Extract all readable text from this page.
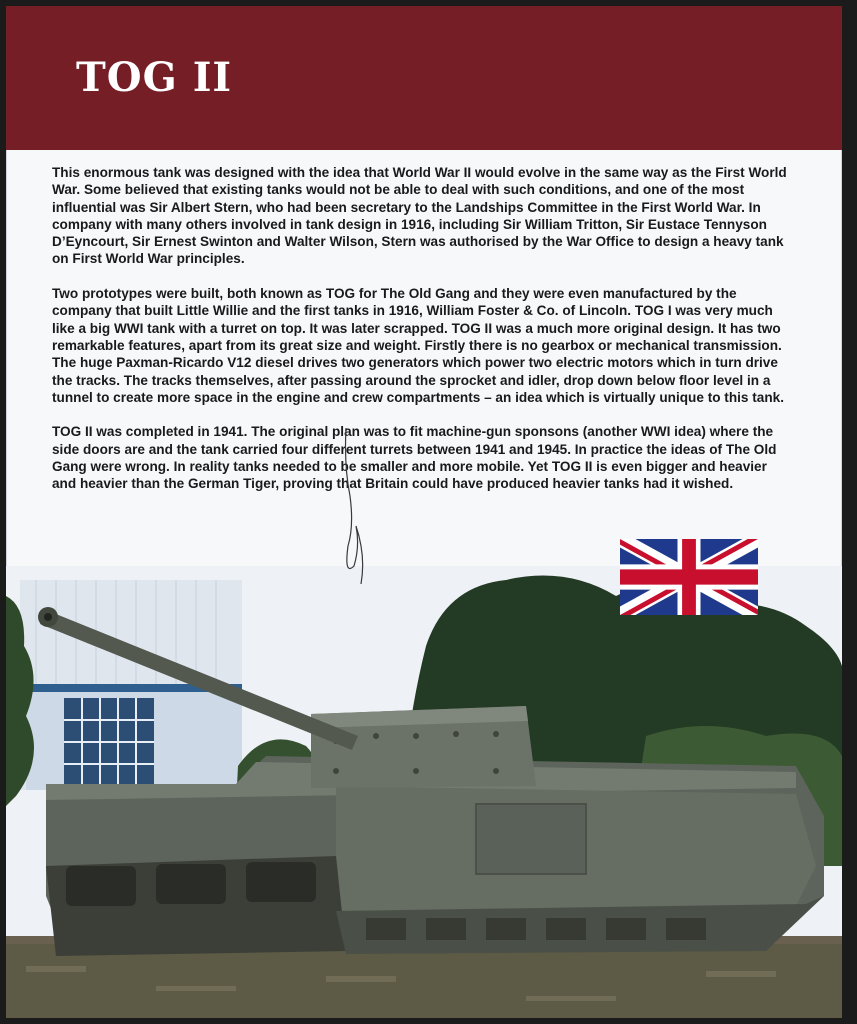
TOG II

This enormous tank was designed with the idea that World War II would evolve in the same way as the First World War. Some believed that existing tanks would not be able to deal with such conditions, and one of the most influential was Sir Albert Stern, who had been secretary to the Landships Committee in the First World War. In company with many others involved in tank design in 1916, including Sir William Tritton, Sir Eustace Tennyson D’Eyncourt, Sir Ernest Swinton and Walter Wilson, Stern was authorised by the War Office to design a heavy tank on First World War principles.

Two prototypes were built, both known as TOG for The Old Gang and they were even manufactured by the company that built Little Willie and the first tanks in 1916, William Foster & Co. of Lincoln. TOG I was very much like a big WWI tank with a turret on top. It was later scrapped. TOG II was a much more original design. It has two remarkable features, apart from its great size and weight. Firstly there is no gearbox or mechanical transmission. The huge Paxman-Ricardo V12 diesel drives two generators which power two electric motors which in turn drive the tracks. The tracks themselves, after passing around the sprocket and idler, drop down below floor level in a tunnel to create more space in the engine and crew compartments – an idea which is virtually unique to this tank.

TOG II was completed in 1941. The original plan was to fit machine-gun sponsons (another WWI idea) where the side doors are and the tank carried four different turrets between 1941 and 1945. In practice the ideas of The Old Gang were wrong. In reality tanks needed to be smaller and more mobile. Yet TOG II is even bigger and heavier and heavier than the German Tiger, proving that Britain could have produced heavier tanks had it wished.
